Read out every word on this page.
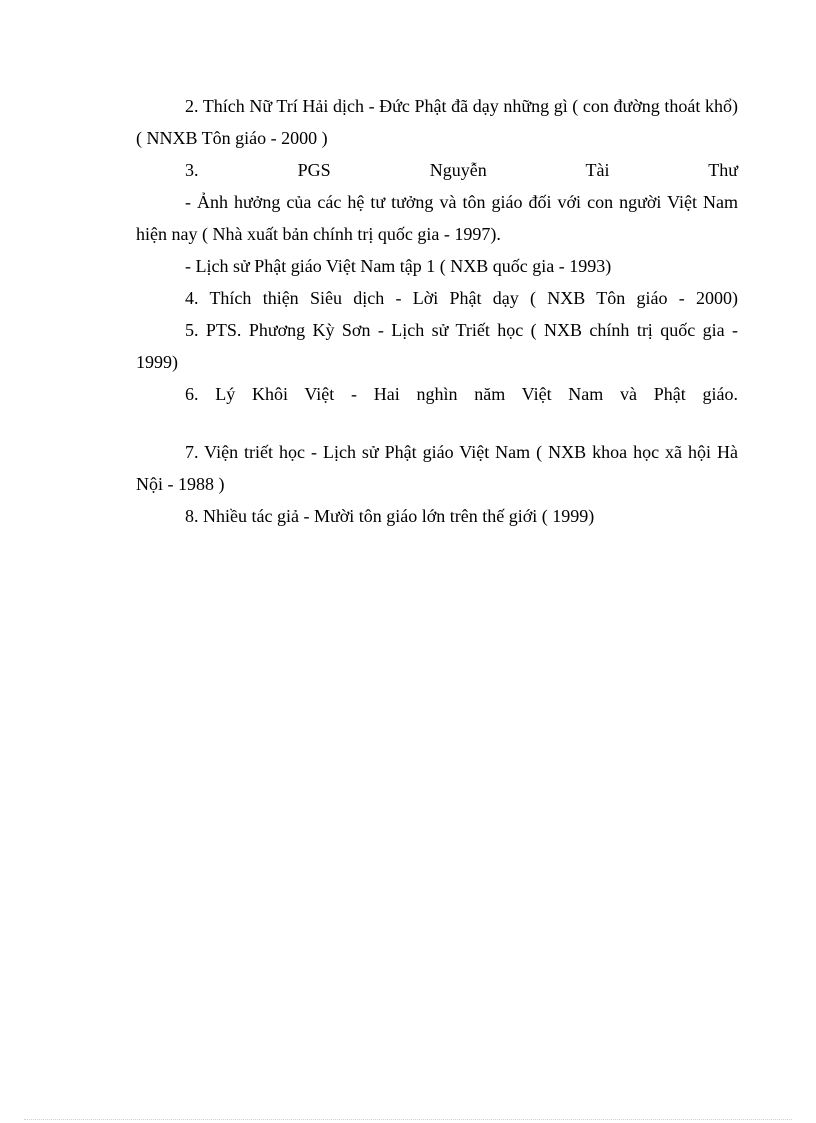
2. Thích Nữ Trí Hải dịch - Đức Phật đã dạy những gì ( con đường thoát khổ) ( NNXB Tôn giáo - 2000 )

3. PGS Nguyễn Tài Thư

- Ảnh hưởng của các hệ tư tưởng và tôn giáo đối với con người Việt Nam hiện nay ( Nhà xuất bản chính trị quốc gia - 1997).

- Lịch sử Phật giáo Việt Nam tập 1 ( NXB quốc gia - 1993)

4. Thích thiện Siêu dịch - Lời Phật dạy ( NXB Tôn giáo - 2000)

5. PTS. Phương Kỳ Sơn - Lịch sử Triết học ( NXB chính trị quốc gia - 1999)

6. Lý Khôi Việt - Hai nghìn năm Việt Nam và Phật giáo.

7. Viện triết học - Lịch sử Phật giáo Việt Nam ( NXB khoa học xã hội Hà Nội - 1988 )

8. Nhiều tác giả - Mười tôn giáo lớn trên thế giới ( 1999)
